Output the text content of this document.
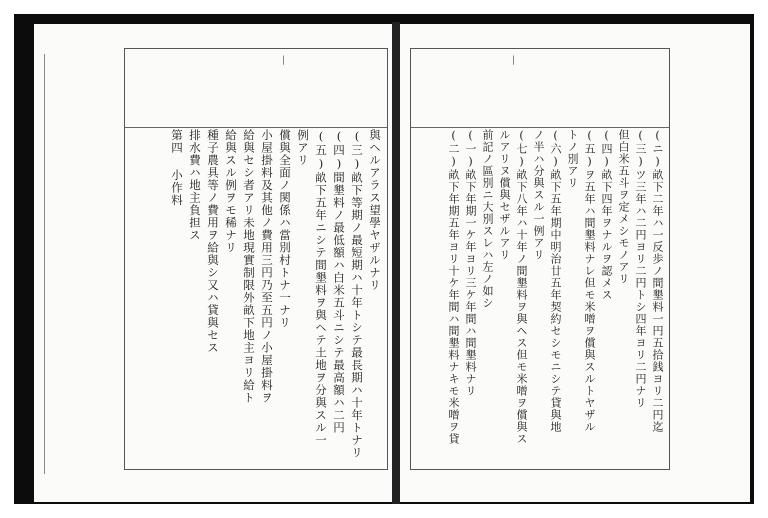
丨
與ヘルアラス望學ヤザルナリ
(三)畝下等期ノ最短期ハ十年トシテ最長期ハ十年トナリ
(四)間墾料ノ最低額ハ白米五斗ニシテ最高額ハ二円
(五)畝下五年ニシテ間墾料ヲ與ヘテ土地ヲ分與スル一
例アリ
償與全面ノ関係ハ當別村トナ一ナリ
小屋掛料及其他ノ費用三円乃至五円ノ小屋掛料ヲ
給與セシ者アリ未地現實制限外畝下地主ヨリ給ト
給與スル例ヲモ稀ナリ
種子農具等ノ費用ヲ給與シ又ハ貸與セス
排水費ハ地主負担ス
第四 小作料
丨
(ニ)畝下二年ハ一反歩ノ間墾料一円五拾銭ヨリ二円迄
(三)ツ三年ハ二円ヨリ二円トシ四年ヨリ二円ナリ
但白米五斗ヲ定メシモノアリ
(四)畝下四年ヲナルヲ認メス
(五)ヲ五年ハ間墾料ナレ但モ米噌ヲ償與スルトヤザル
トノ別アリ
(六)畝下五年期中明治廿五年契約セシモニシテ貸與地
ノ半ハ分與スル一例アリ
(七)畝下八年ハ十年ノ間墾料ヲ與ヘス但モ米噌ヲ償與ス
ルアリヌ償與セザルアリ
前記ノ區別ニ大別スレハ左ノ如シ
(一)畝下年期一ケ年ヨリ三ケ年間ハ間墾料ナリ
(二)畝下年期五年ヨリ十ケ年間ハ間墾料ナキモ米噌ヲ貸
